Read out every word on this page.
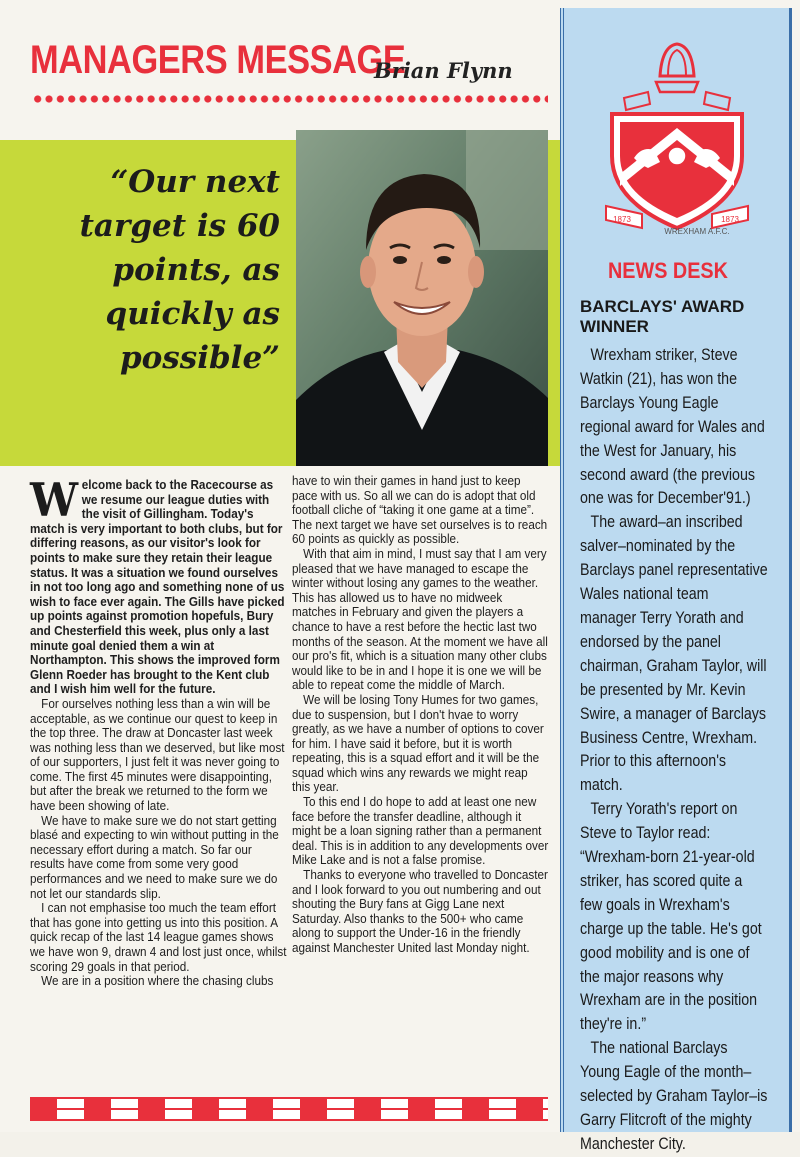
MANAGERS MESSAGE
Brian Flynn
“Our next target is 60 points, as quickly as possible”

Welcome back to the Racecourse as we resume our league duties with the visit of Gillingham. Today's match is very important to both clubs, but for differing reasons, as our visitor's look for points to make sure they retain their league status. It was a situation we found ourselves in not too long ago and something none of us wish to face ever again. The Gills have picked up points against promotion hopefuls, Bury and Chesterfield this week, plus only a last minute goal denied them a win at Northampton. This shows the improved form Glenn Roeder has brought to the Kent club and I wish him well for the future.

For ourselves nothing less than a win will be acceptable, as we continue our quest to keep in the top three. The draw at Doncaster last week was nothing less than we deserved, but like most of our supporters, I just felt it was never going to come. The first 45 minutes were disappointing, but after the break we returned to the form we have been showing of late.

We have to make sure we do not start getting blasé and expecting to win without putting in the necessary effort during a match. So far our results have come from some very good performances and we need to make sure we do not let our standards slip.

I can not emphasise too much the team effort that has gone into getting us into this position. A quick recap of the last 14 league games shows we have won 9, drawn 4 and lost just once, whilst scoring 29 goals in that period.

We are in a position where the chasing clubs

have to win their games in hand just to keep pace with us. So all we can do is adopt that old football cliche of “taking it one game at a time”. The next target we have set ourselves is to reach 60 points as quickly as possible.

With that aim in mind, I must say that I am very pleased that we have managed to escape the winter without losing any games to the weather. This has allowed us to have no midweek matches in February and given the players a chance to have a rest before the hectic last two months of the season. At the moment we have all our pro's fit, which is a situation many other clubs would like to be in and I hope it is one we will be able to repeat come the middle of March.

We will be losing Tony Humes for two games, due to suspension, but I don't hvae to worry greatly, as we have a number of options to cover for him. I have said it before, but it is worth repeating, this is a squad effort and it will be the squad which wins any rewards we might reap this year.

To this end I do hope to add at least one new face before the transfer deadline, although it might be a loan signing rather than a permanent deal. This is in addition to any developments over Mike Lake and is not a false promise.

Thanks to everyone who travelled to Doncaster and I look forward to you out numbering and out shouting the Bury fans at Gigg Lane next Saturday. Also thanks to the 500+ who came along to support the Under-16 in the friendly against Manchester United last Monday night.

1873	1873
WREXHAM A.F.C.
NEWS DESK
BARCLAYS' AWARD WINNER

Wrexham striker, Steve Watkin (21), has won the Barclays Young Eagle regional award for Wales and the West for January, his second award (the previous one was for December'91.)

The award–an inscribed salver–nominated by the Barclays panel representative Wales national team manager Terry Yorath and endorsed by the panel chairman, Graham Taylor, will be presented by Mr. Kevin Swire, a manager of Barclays Business Centre, Wrexham. Prior to this afternoon's match.

Terry Yorath's report on Steve to Taylor read: “Wrexham-born 21-year-old striker, has scored quite a few goals in Wrexham's charge up the table. He's got good mobility and is one of the major reasons why Wrexham are in the position they're in.”

The national Barclays Young Eagle of the month–selected by Graham Taylor–is Garry Flitcroft of the mighty Manchester City.
